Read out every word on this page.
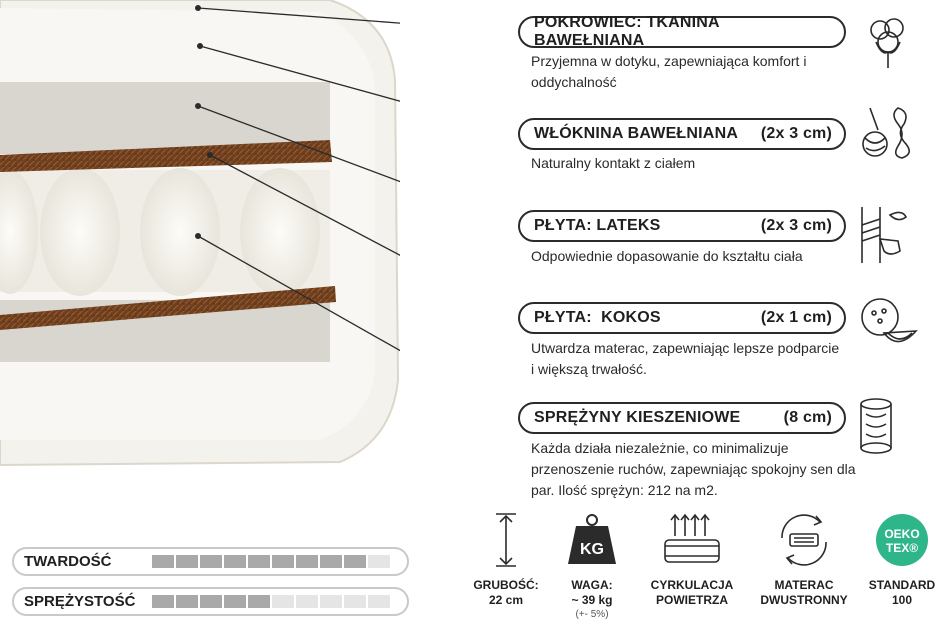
POKROWIEC: TKANINA BAWEŁNIANA
Przyjemna w dotyku, zapewniająca komfort i oddychalność
WŁÓKNINA BAWEŁNIANA (2x 3 cm)
Naturalny kontakt z ciałem
PŁYTA: LATEKS	(2x 3 cm)
Odpowiednie dopasowanie do kształtu ciała
PŁYTA:  KOKOS	(2x 1 cm)
Utwardza materac, zapewniając lepsze podparcie i większą trwałość.
SPRĘŻYNY KIESZENIOWE	(8 cm)
Każda działa niezależnie, co minimalizuje przenoszenie ruchów, zapewniając spokojny sen dla par. Ilość sprężyn: 212 na m2.
TWARDOŚĆ
SPRĘŻYSTOŚĆ
GRUBOŚĆ:
22 cm
KG
WAGA:
~ 39 kg
(+- 5%)
CYRKULACJA
POWIETRZA
MATERAC
DWUSTRONNY
OEKO
TEX®
STANDARD
100
